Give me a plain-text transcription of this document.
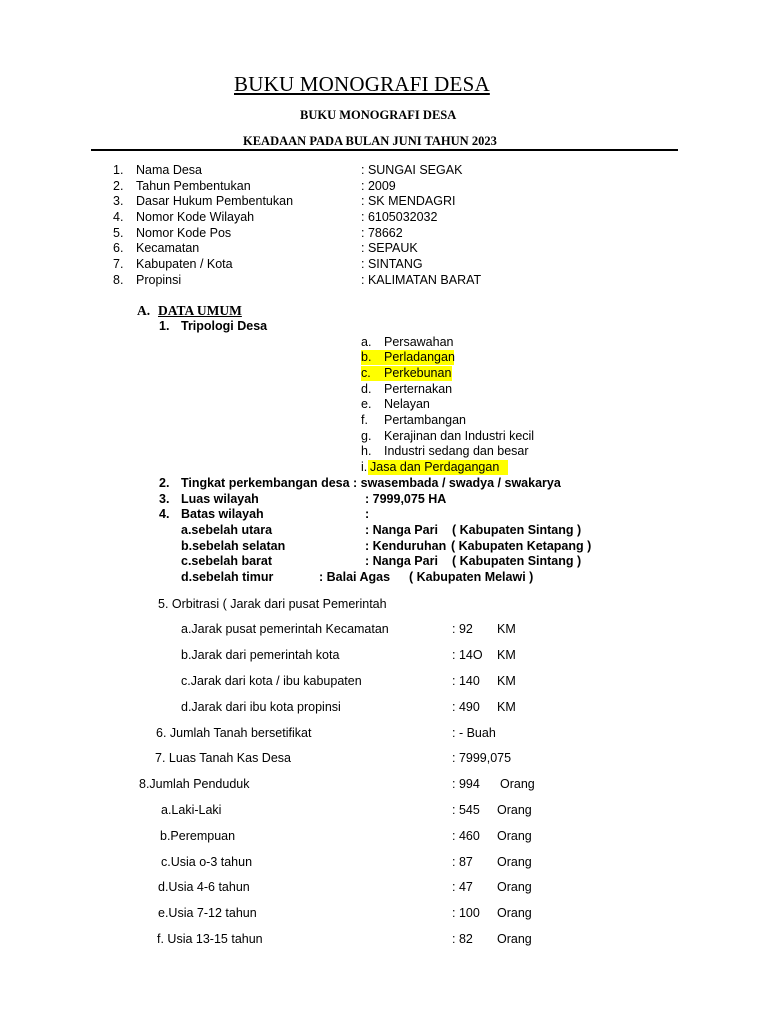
BUKU MONOGRAFI DESA
BUKU MONOGRAFI DESA
KEADAAN PADA BULAN JUNI TAHUN 2023
1. Nama Desa	: SUNGAI SEGAK
2. Tahun Pembentukan	: 2009
3. Dasar Hukum Pembentukan	: SK MENDAGRI
4. Nomor Kode Wilayah	: 6105032032
5. Nomor Kode Pos	: 78662
6. Kecamatan	: SEPAUK
7. Kabupaten / Kota	: SINTANG
8. Propinsi	: KALIMATAN BARAT
A. DATA UMUM
1. Tripologi Desa
a. Persawahan
b. Perladangan
c. Perkebunan
d. Perternakan
e. Nelayan
f. Pertambangan
g. Kerajinan dan Industri kecil
h. Industri sedang dan besar
i. Jasa dan Perdagangan
2. Tingkat perkembangan desa : swasembada / swadya / swakarya
3. Luas wilayah	: 7999,075 HA
4. Batas wilayah	:
a.sebelah utara	: Nanga Pari ( Kabupaten Sintang )
b.sebelah selatan	: Kenduruhan ( Kabupaten Ketapang )
c.sebelah barat	: Nanga Pari ( Kabupaten Sintang )
d.sebelah timur	: Balai Agas ( Kabupaten Melawi )
5. Orbitrasi ( Jarak dari pusat Pemerintah
a.Jarak pusat pemerintah Kecamatan	: 92 KM
b.Jarak dari pemerintah kota	: 14O KM
c.Jarak dari kota / ibu kabupaten	: 140 KM
d.Jarak dari ibu kota propinsi	: 490 KM
6. Jumlah Tanah bersetifikat	: - Buah
7. Luas Tanah Kas Desa	: 7999,075
8.Jumlah Penduduk	: 994 Orang
a.Laki-Laki	: 545 Orang
b.Perempuan	: 460 Orang
c.Usia o-3 tahun	: 87 Orang
d.Usia 4-6 tahun	: 47 Orang
e.Usia 7-12 tahun	: 100 Orang
f. Usia 13-15 tahun	: 82 Orang
